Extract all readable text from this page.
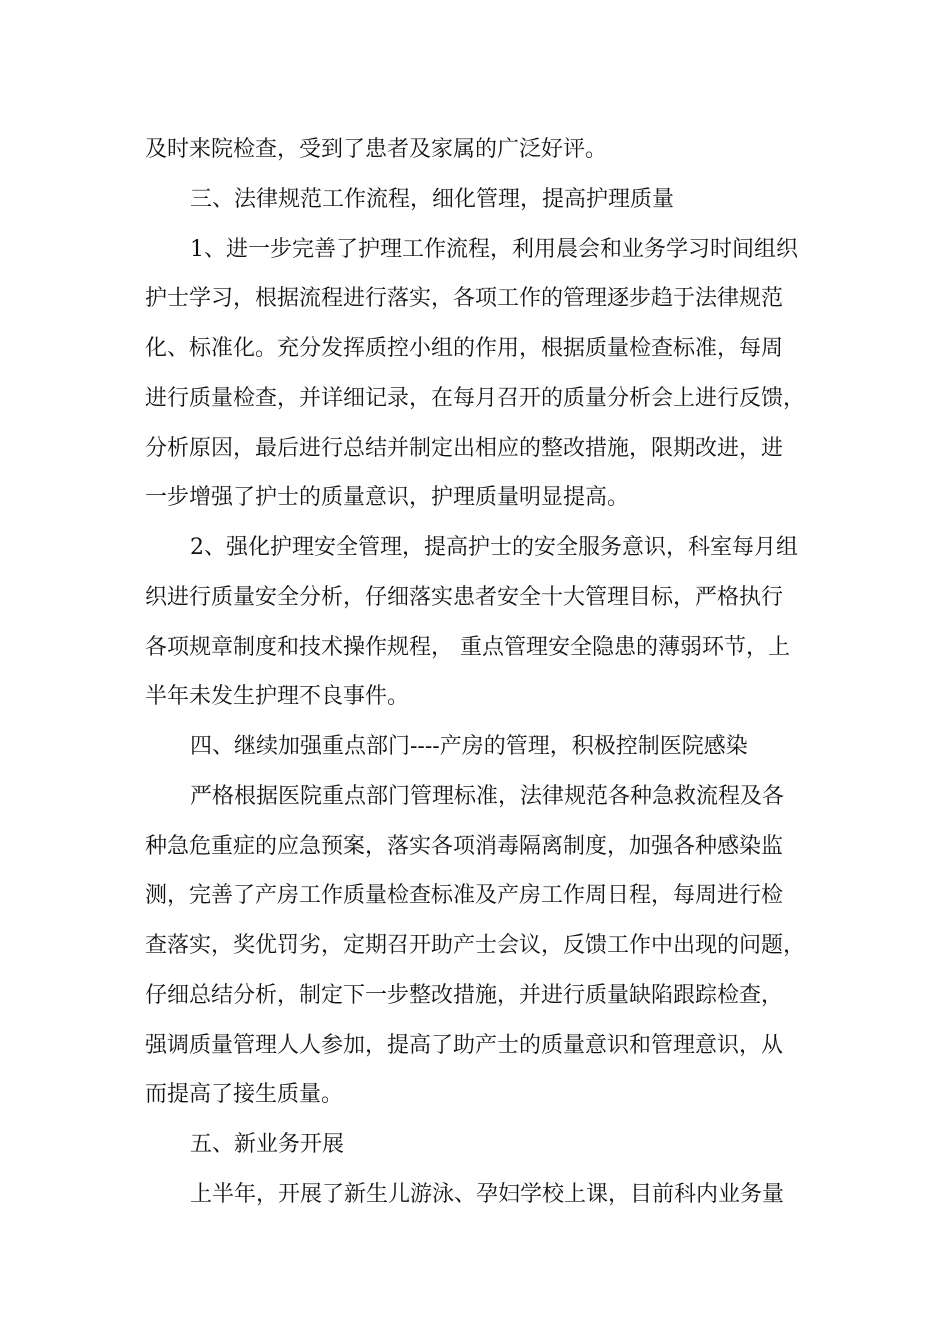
及时来院检查，受到了患者及家属的广泛好评。
三、法律规范工作流程，细化管理，提高护理质量
1、进一步完善了护理工作流程，利用晨会和业务学习时间组织
护士学习，根据流程进行落实，各项工作的管理逐步趋于法律规范
化、标准化。充分发挥质控小组的作用，根据质量检查标准，每周
进行质量检查，并详细记录，在每月召开的质量分析会上进行反馈，
分析原因，最后进行总结并制定出相应的整改措施，限期改进，进
一步增强了护士的质量意识，护理质量明显提高。
2、强化护理安全管理，提高护士的安全服务意识，科室每月组
织进行质量安全分析，仔细落实患者安全十大管理目标，严格执行
各项规章制度和技术操作规程， 重点管理安全隐患的薄弱环节，上
半年未发生护理不良事件。
四、继续加强重点部门----产房的管理，积极控制医院感染
严格根据医院重点部门管理标准，法律规范各种急救流程及各
种急危重症的应急预案，落实各项消毒隔离制度，加强各种感染监
测，完善了产房工作质量检查标准及产房工作周日程，每周进行检
查落实，奖优罚劣，定期召开助产士会议，反馈工作中出现的问题，
仔细总结分析，制定下一步整改措施，并进行质量缺陷跟踪检查，
强调质量管理人人参加，提高了助产士的质量意识和管理意识，从
而提高了接生质量。
五、新业务开展
上半年，开展了新生儿游泳、孕妇学校上课，目前科内业务量
